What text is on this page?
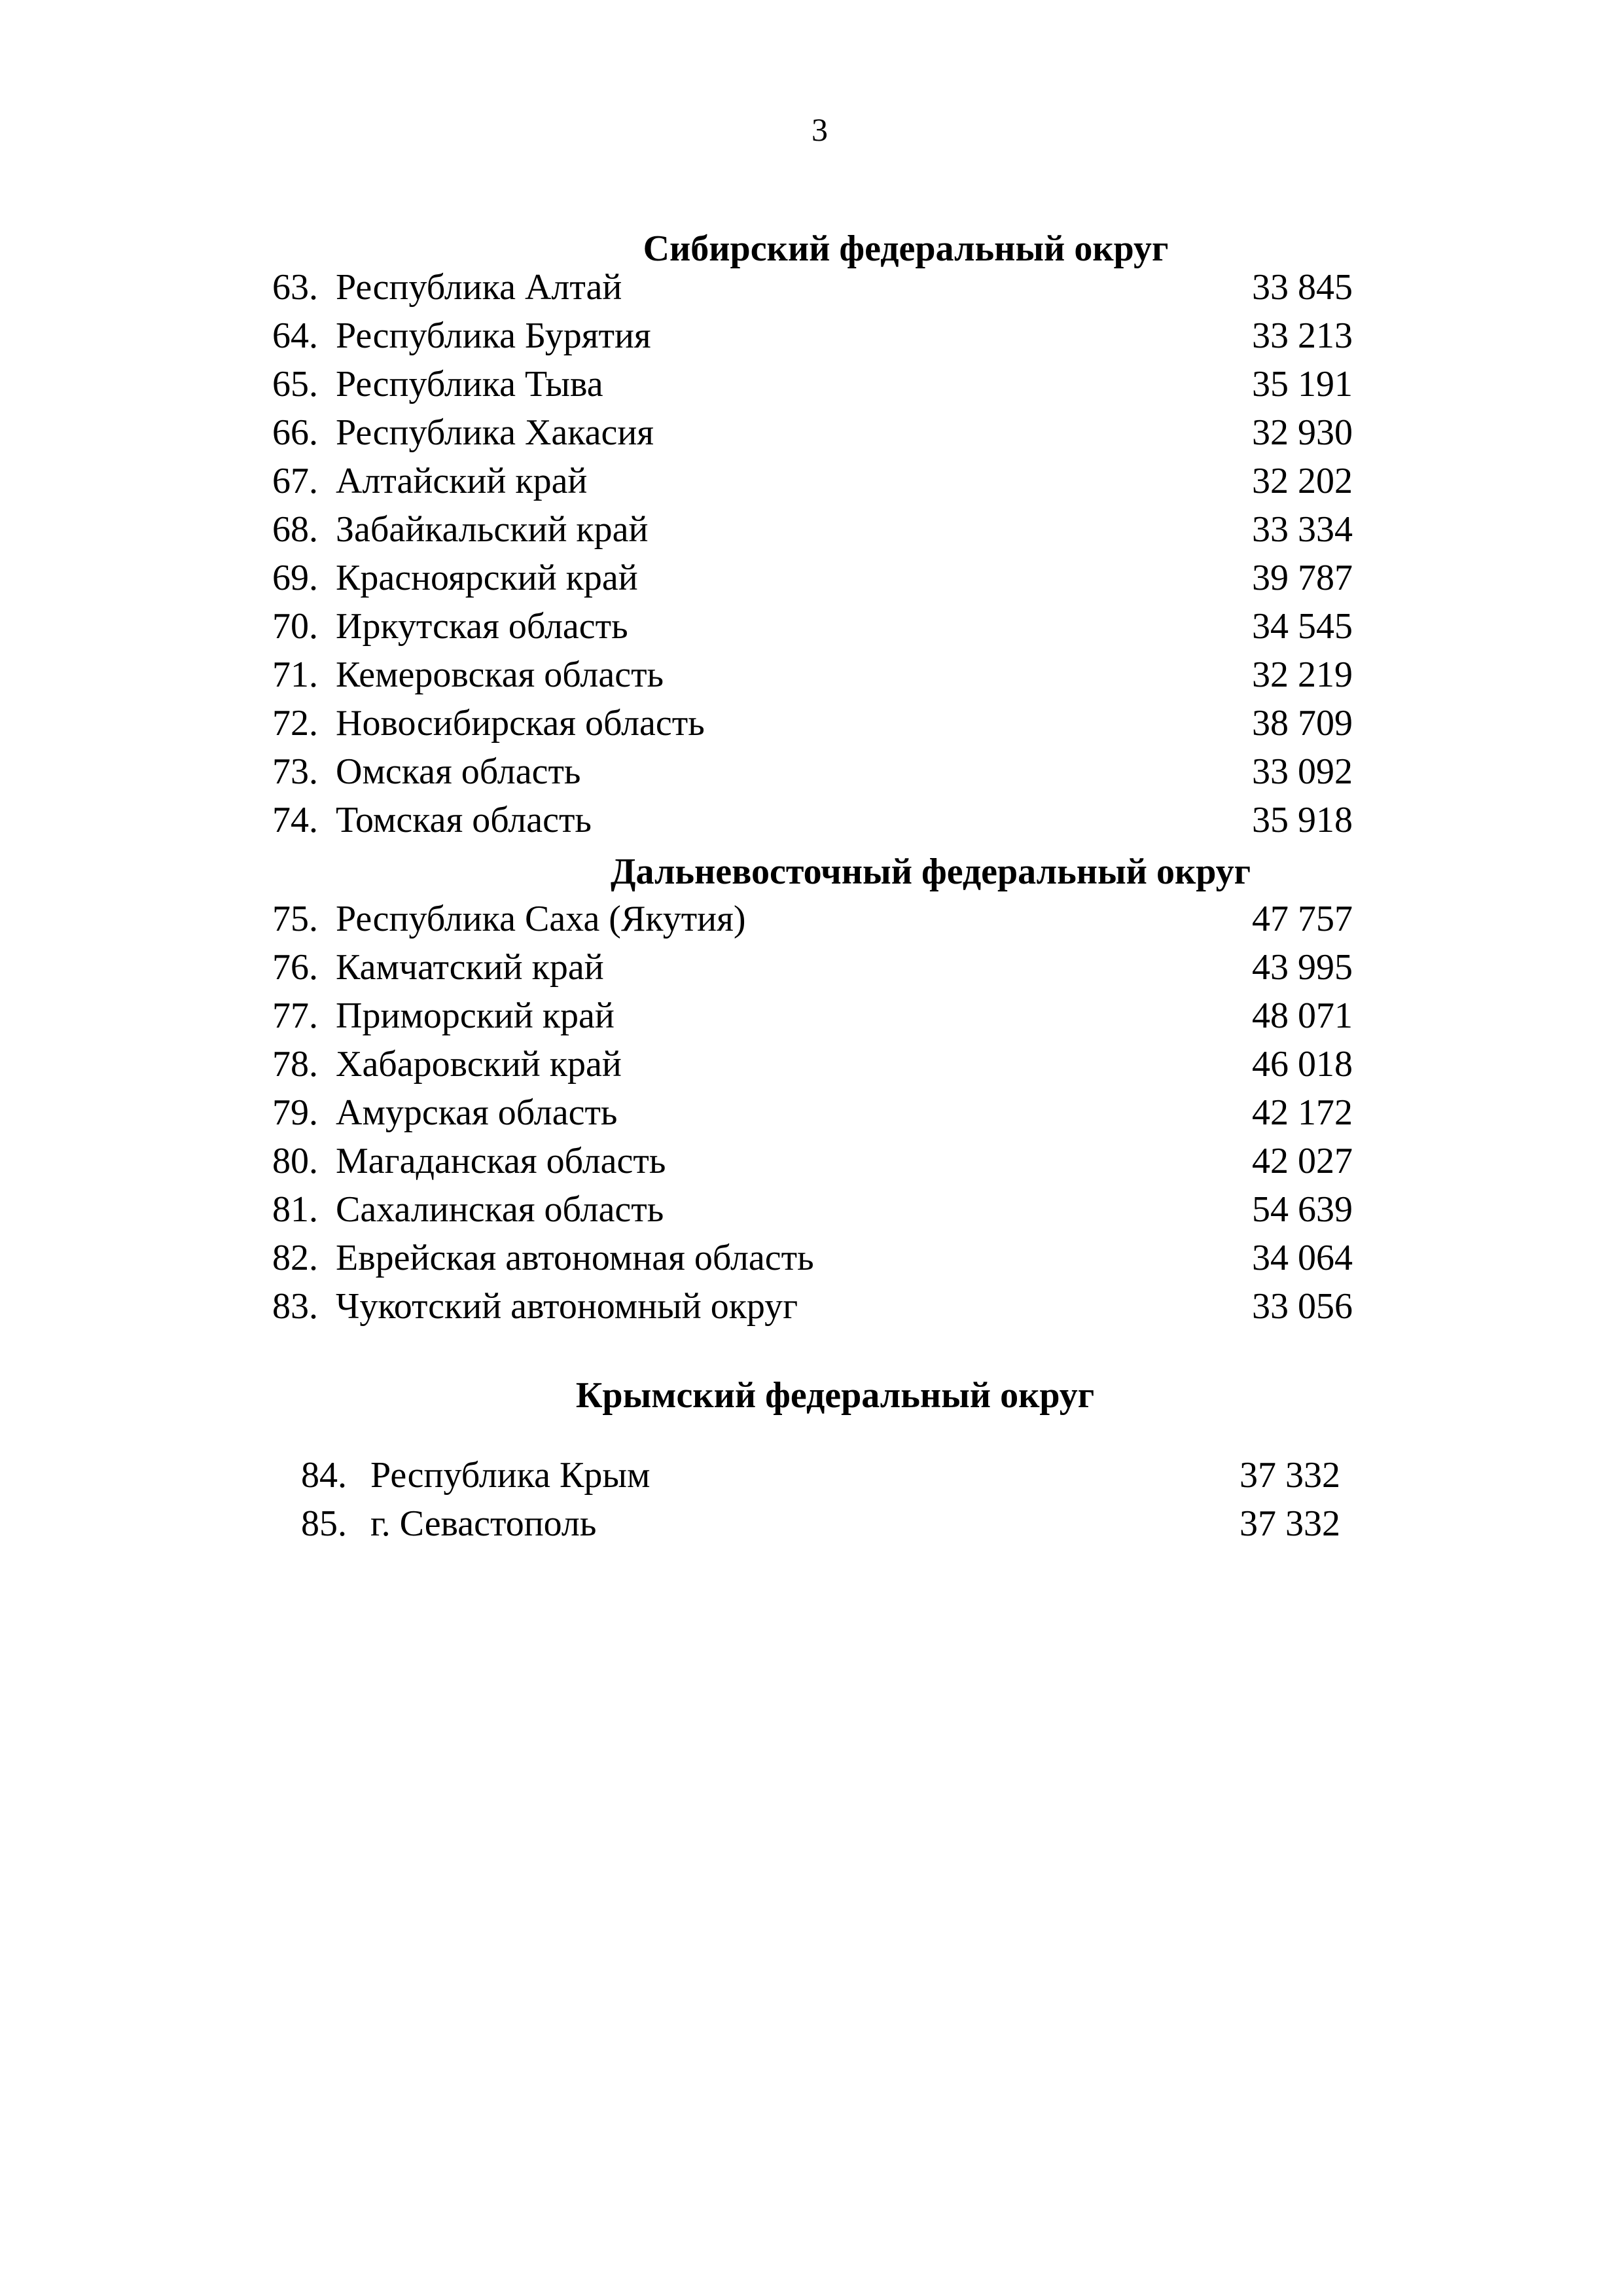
3
Сибирский федеральный округ
63. Республика Алтай	33 845
64. Республика Бурятия	33 213
65. Республика Тыва	35 191
66. Республика Хакасия	32 930
67. Алтайский край	32 202
68. Забайкальский край	33 334
69. Красноярский край	39 787
70. Иркутская область	34 545
71. Кемеровская область	32 219
72. Новосибирская область	38 709
73. Омская область	33 092
74. Томская область	35 918
Дальневосточный федеральный округ
75. Республика Саха (Якутия)	47 757
76. Камчатский край	43 995
77. Приморский край	48 071
78. Хабаровский край	46 018
79. Амурская область	42 172
80. Магаданская область	42 027
81. Сахалинская область	54 639
82. Еврейская автономная область	34 064
83. Чукотский автономный округ	33 056
Крымский федеральный округ
84. Республика Крым	37 332
85. г. Севастополь	37 332
